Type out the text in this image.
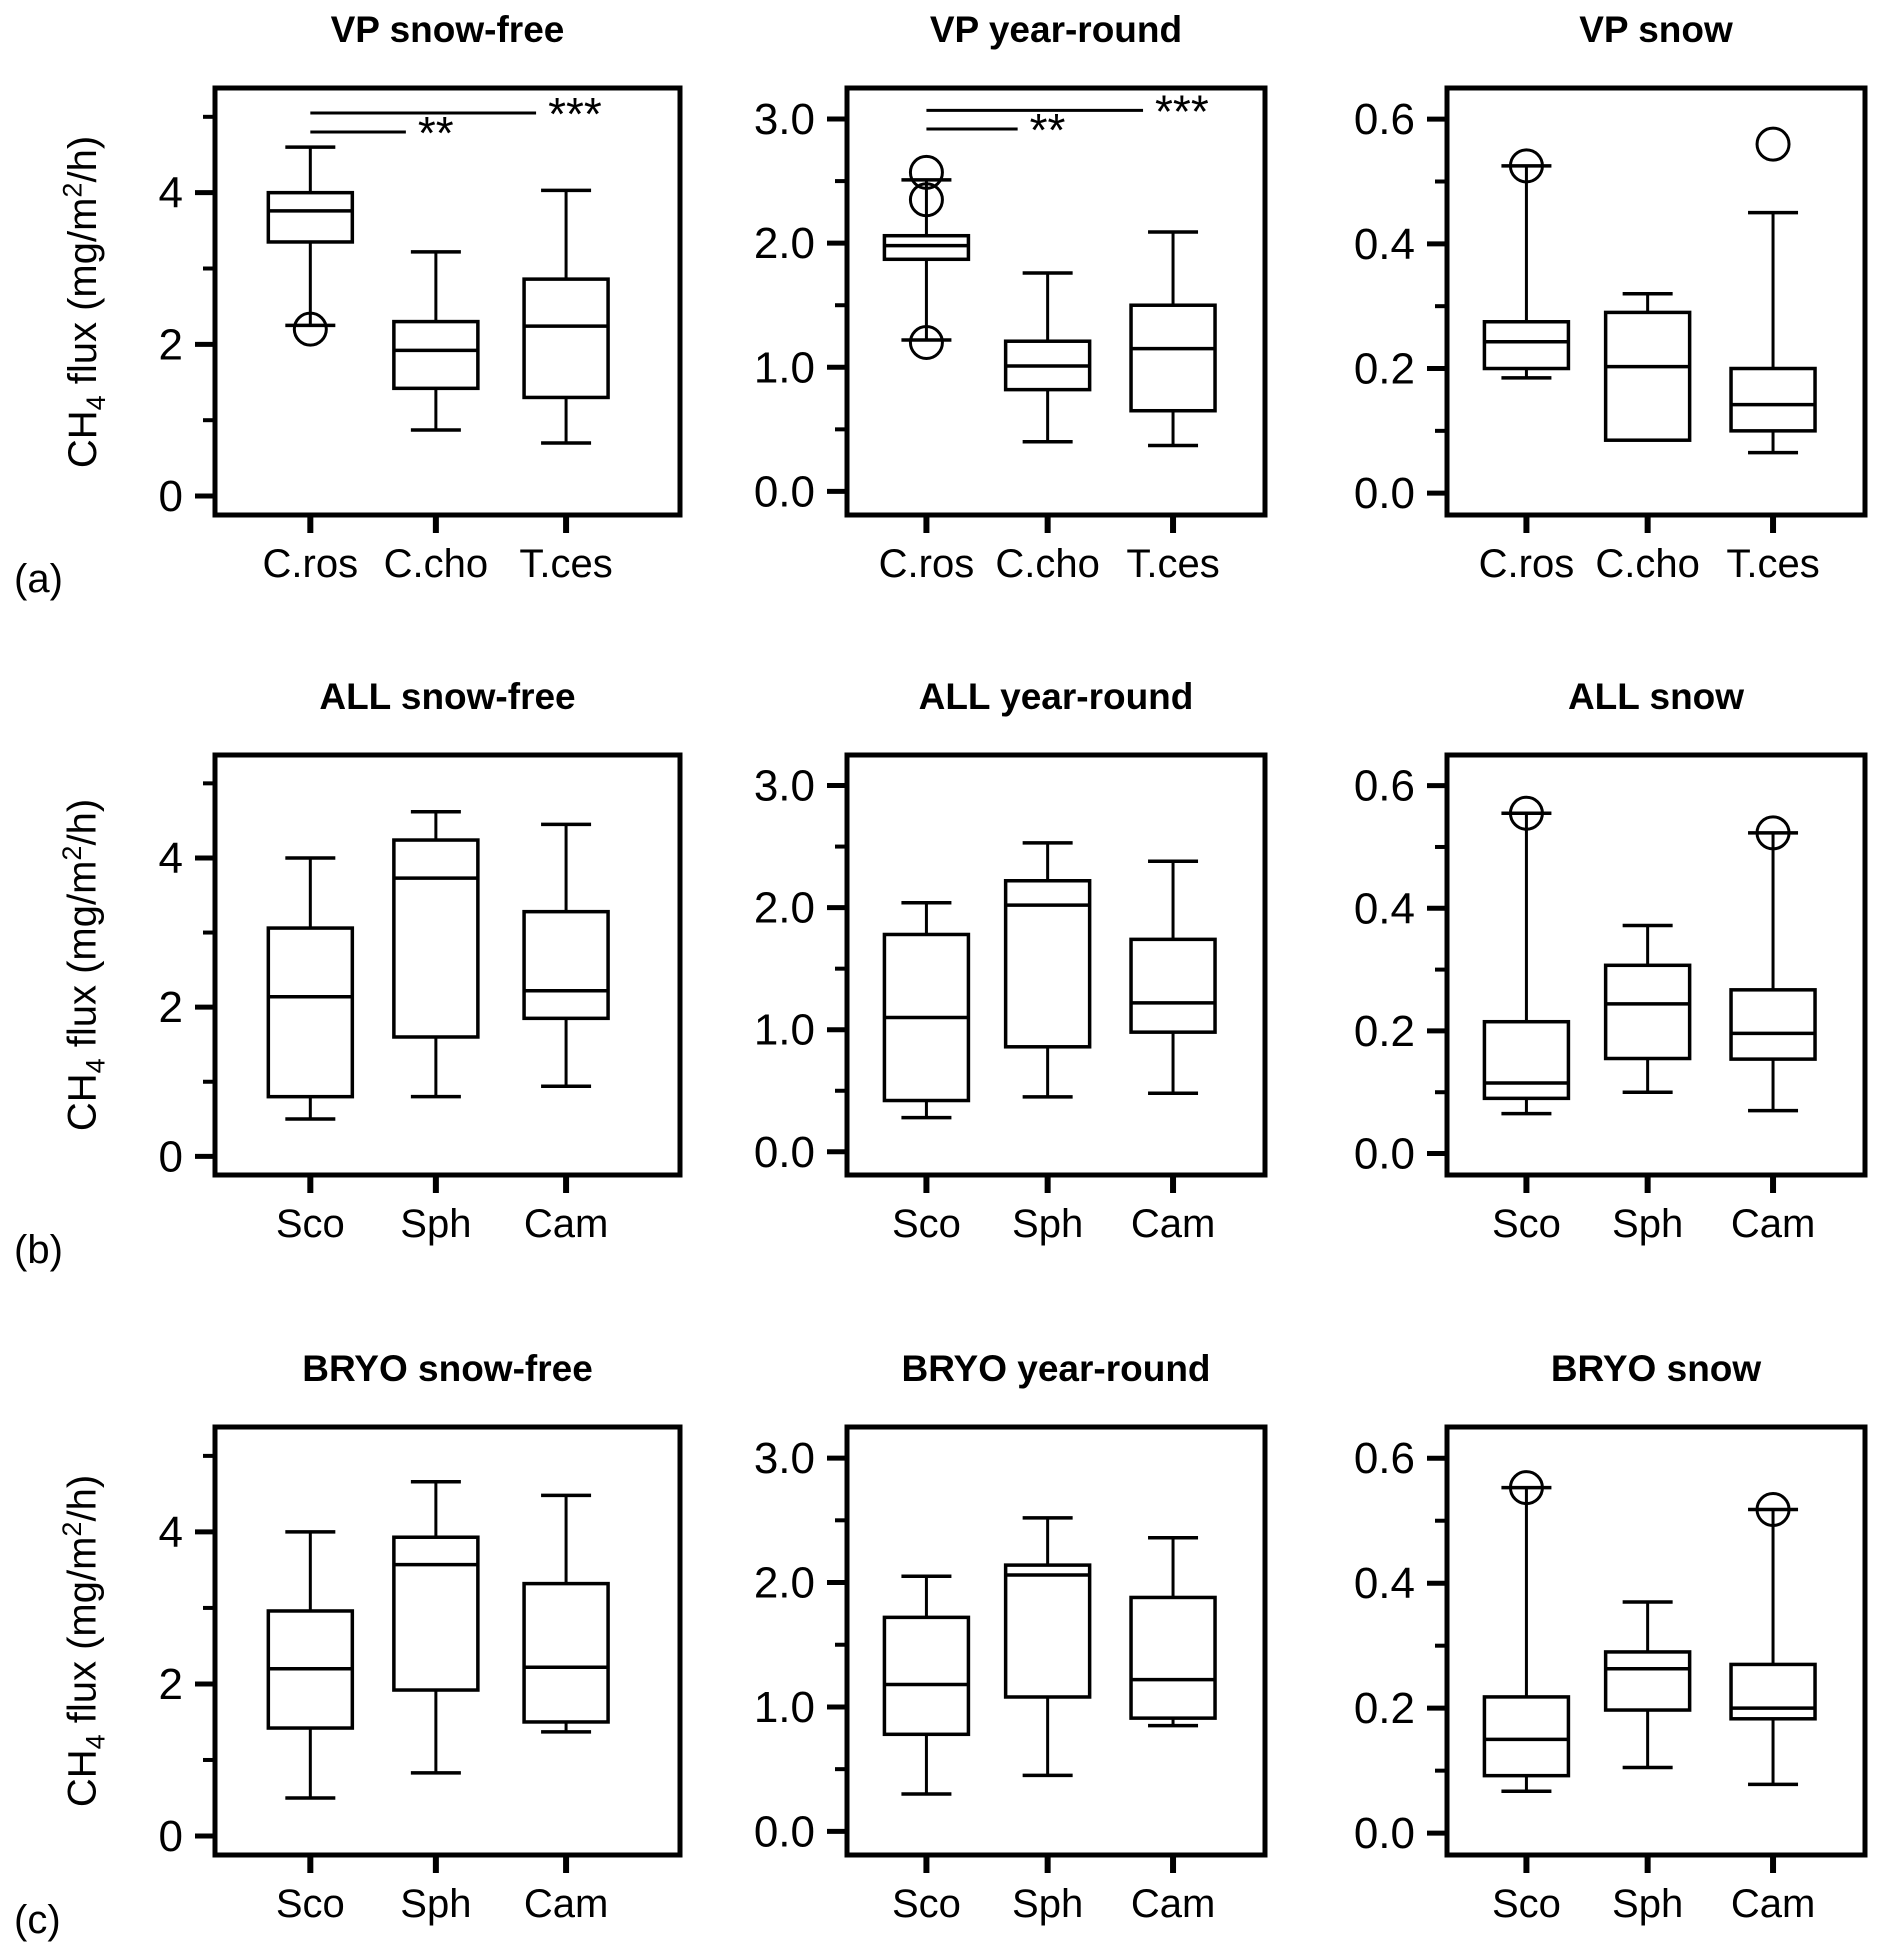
(a)
(b)
(c)
$CH_4$ flux $(mg/m^2/h)$
$CH_4$ flux $(mg/m^2/h)$
$CH_4$ flux $(mg/m^2/h)$
VP snow-free	VP year-round	VP snow
ALL snow-free	ALL year-round	ALL snow
BRYO snow-free	BRYO year-round	BRYO snow
0
2
4
C.ros C.cho T.ces
***
**
0.0
1.0
2.0
3.0
C.ros C.cho T.ces
***
**
0.0
0.2
0.4
0.6
C.ros C.cho T.ces
0
2
4
Sco Sph Cam
0.0
1.0
2.0
3.0
Sco Sph Cam
0.0
0.2
0.4
0.6
Sco Sph Cam
0
2
4
Sco Sph Cam
0.0
1.0
2.0
3.0
Sco Sph Cam
0.0
0.2
0.4
0.6
Sco Sph Cam
